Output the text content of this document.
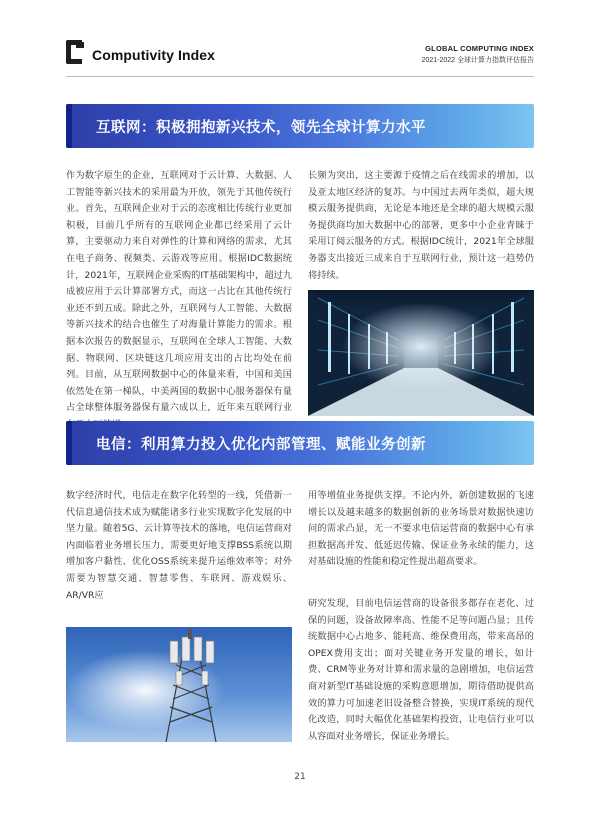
Computivity Index	GLOBAL COMPUTING INDEX
2021-2022 全球计算力指数评估报告
互联网：积极拥抱新兴技术，领先全球计算力水平
作为数字原生的企业，互联网对于云计算、大数据、人工智能等新兴技术的采用最为开放，领先于其他传统行业。首先，互联网企业对于云的态度相比传统行业更加积极，目前几乎所有的互联网企业都已经采用了云计算，主要驱动力来自对弹性的计算和网络的需求，尤其在电子商务、视频类、云游戏等应用。根据IDC数据统计，2021年，互联网企业采购的IT基础架构中，超过九成被应用于云计算部署方式，而这一占比在其他传统行业还不到五成。除此之外，互联网与人工智能、大数据等新兴技术的结合也催生了对海量计算能力的需求。根据本次报告的数据显示，互联网在全球人工智能、大数据、物联网、区块链这几项应用支出的占比均处在前列。目前，从互联网数据中心的体量来看，中国和美国依然处在第一梯队，中美两国的数据中心服务器保有量占全球整体服务器保有量六成以上，近年来互联网行业
长频为突出，这主要源于疫情之后在线需求的增加，以及亚太地区经济的复苏。与中国过去两年类似，超大规模云服务提供商，无论是本地还是全球的超大规模云服务提供商均加大数据中心的部署，更多中小企业青睐于采用订阅云服务的方式。根据IDC统计，2021年全球服务器支出接近三成来自于互联网行业，预计这一趋势仍将持续。
电信：利用算力投入优化内部管理、赋能业务创新
数字经济时代，电信走在数字化转型的一线，凭借新一代信息通信技术成为赋能诸多行业实现数字化发展的中坚力量。随着5G、云计算等技术的落地，电信运营商对内面临着业务增长压力，需要更好地支撑BSS系统以期增加客户黏性、优化OSS系统来提升运维效率等；对外需要为智慧交通、智慧零售、车联网、游戏娱乐、AR/VR应
用等增值业务提供支撑。不论内外，新创建数据的飞速增长以及越来越多的数据创新的业务场景对数据快速访问的需求凸显，无一不要求电信运营商的数据中心有承担数据高并发、低延迟传输、保证业务永续的能力，这对基础设施的性能和稳定性提出超高要求。
研究发现，目前电信运营商的设备很多都存在老化、过保的问题，设备故障率高、性能不足等问题凸显；且传统数据中心占地多、能耗高、维保费用高，带来高昂的OPEX费用支出；面对关键业务开发量的增长，如计费、CRM等业务对计算和需求量的急剧增加，电信运营商对新型IT基础设施的采购意愿增加，期待借助提供高效的算力可加速老旧设备整合替换，实现IT系统的现代化改造，同时大幅优化基础架构投资，让电信行业可以从容面对业务增长，保证业务增长。
21
